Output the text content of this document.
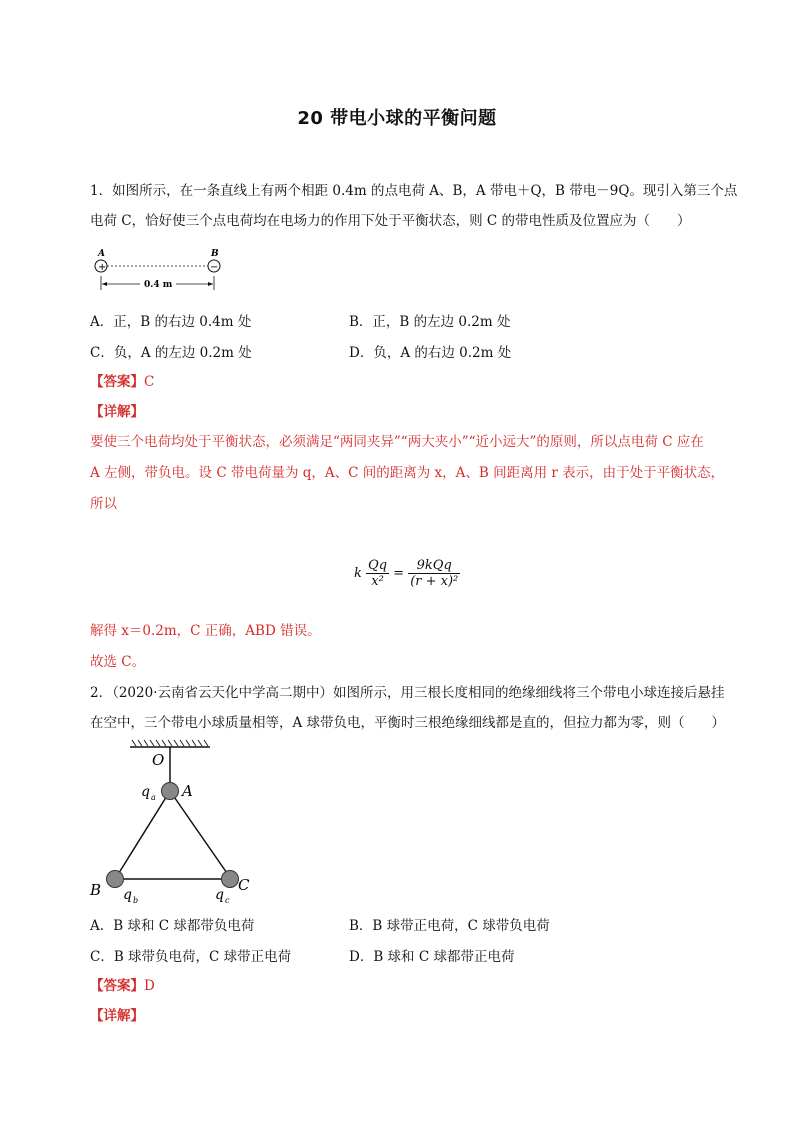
20 带电小球的平衡问题
1．如图所示，在一条直线上有两个相距 0.4m 的点电荷 A、B，A 带电＋Q，B 带电－9Q。现引入第三个点
电荷 C，恰好使三个点电荷均在电场力的作用下处于平衡状态，则 C 的带电性质及位置应为（　　）
A	B
+	−
0.4 m
A．正，B 的右边 0.4m 处	B．正，B 的左边 0.2m 处
C．负，A 的左边 0.2m 处	D．负，A 的右边 0.2m 处
【答案】C
【详解】
要使三个电荷均处于平衡状态，必须满足“两同夹异”“两大夹小”“近小远大”的原则，所以点电荷 C 应在
A 左侧，带负电。设 C 带电荷量为 q，A、C 间的距离为 x，A、B 间距离用 r 表示，由于处于平衡状态，
所以
k $\frac{Qq}{\text{x²}} = \frac{\text{9kQq}}{\text{(r + x)²}}$
解得 x＝0.2m，C 正确，ABD 错误。
故选 C。
2．（2020·云南省云天化中学高二期中）如图所示，用三根长度相同的绝缘细线将三个带电小球连接后悬挂
在空中，三个带电小球质量相等，A 球带负电，平衡时三根绝缘细线都是直的，但拉力都为零，则（　　）
O
A
B	C
q a
q b	q c
A．B 球和 C 球都带负电荷	B．B 球带正电荷，C 球带负电荷
C．B 球带负电荷，C 球带正电荷	D．B 球和 C 球都带正电荷
【答案】D
【详解】
